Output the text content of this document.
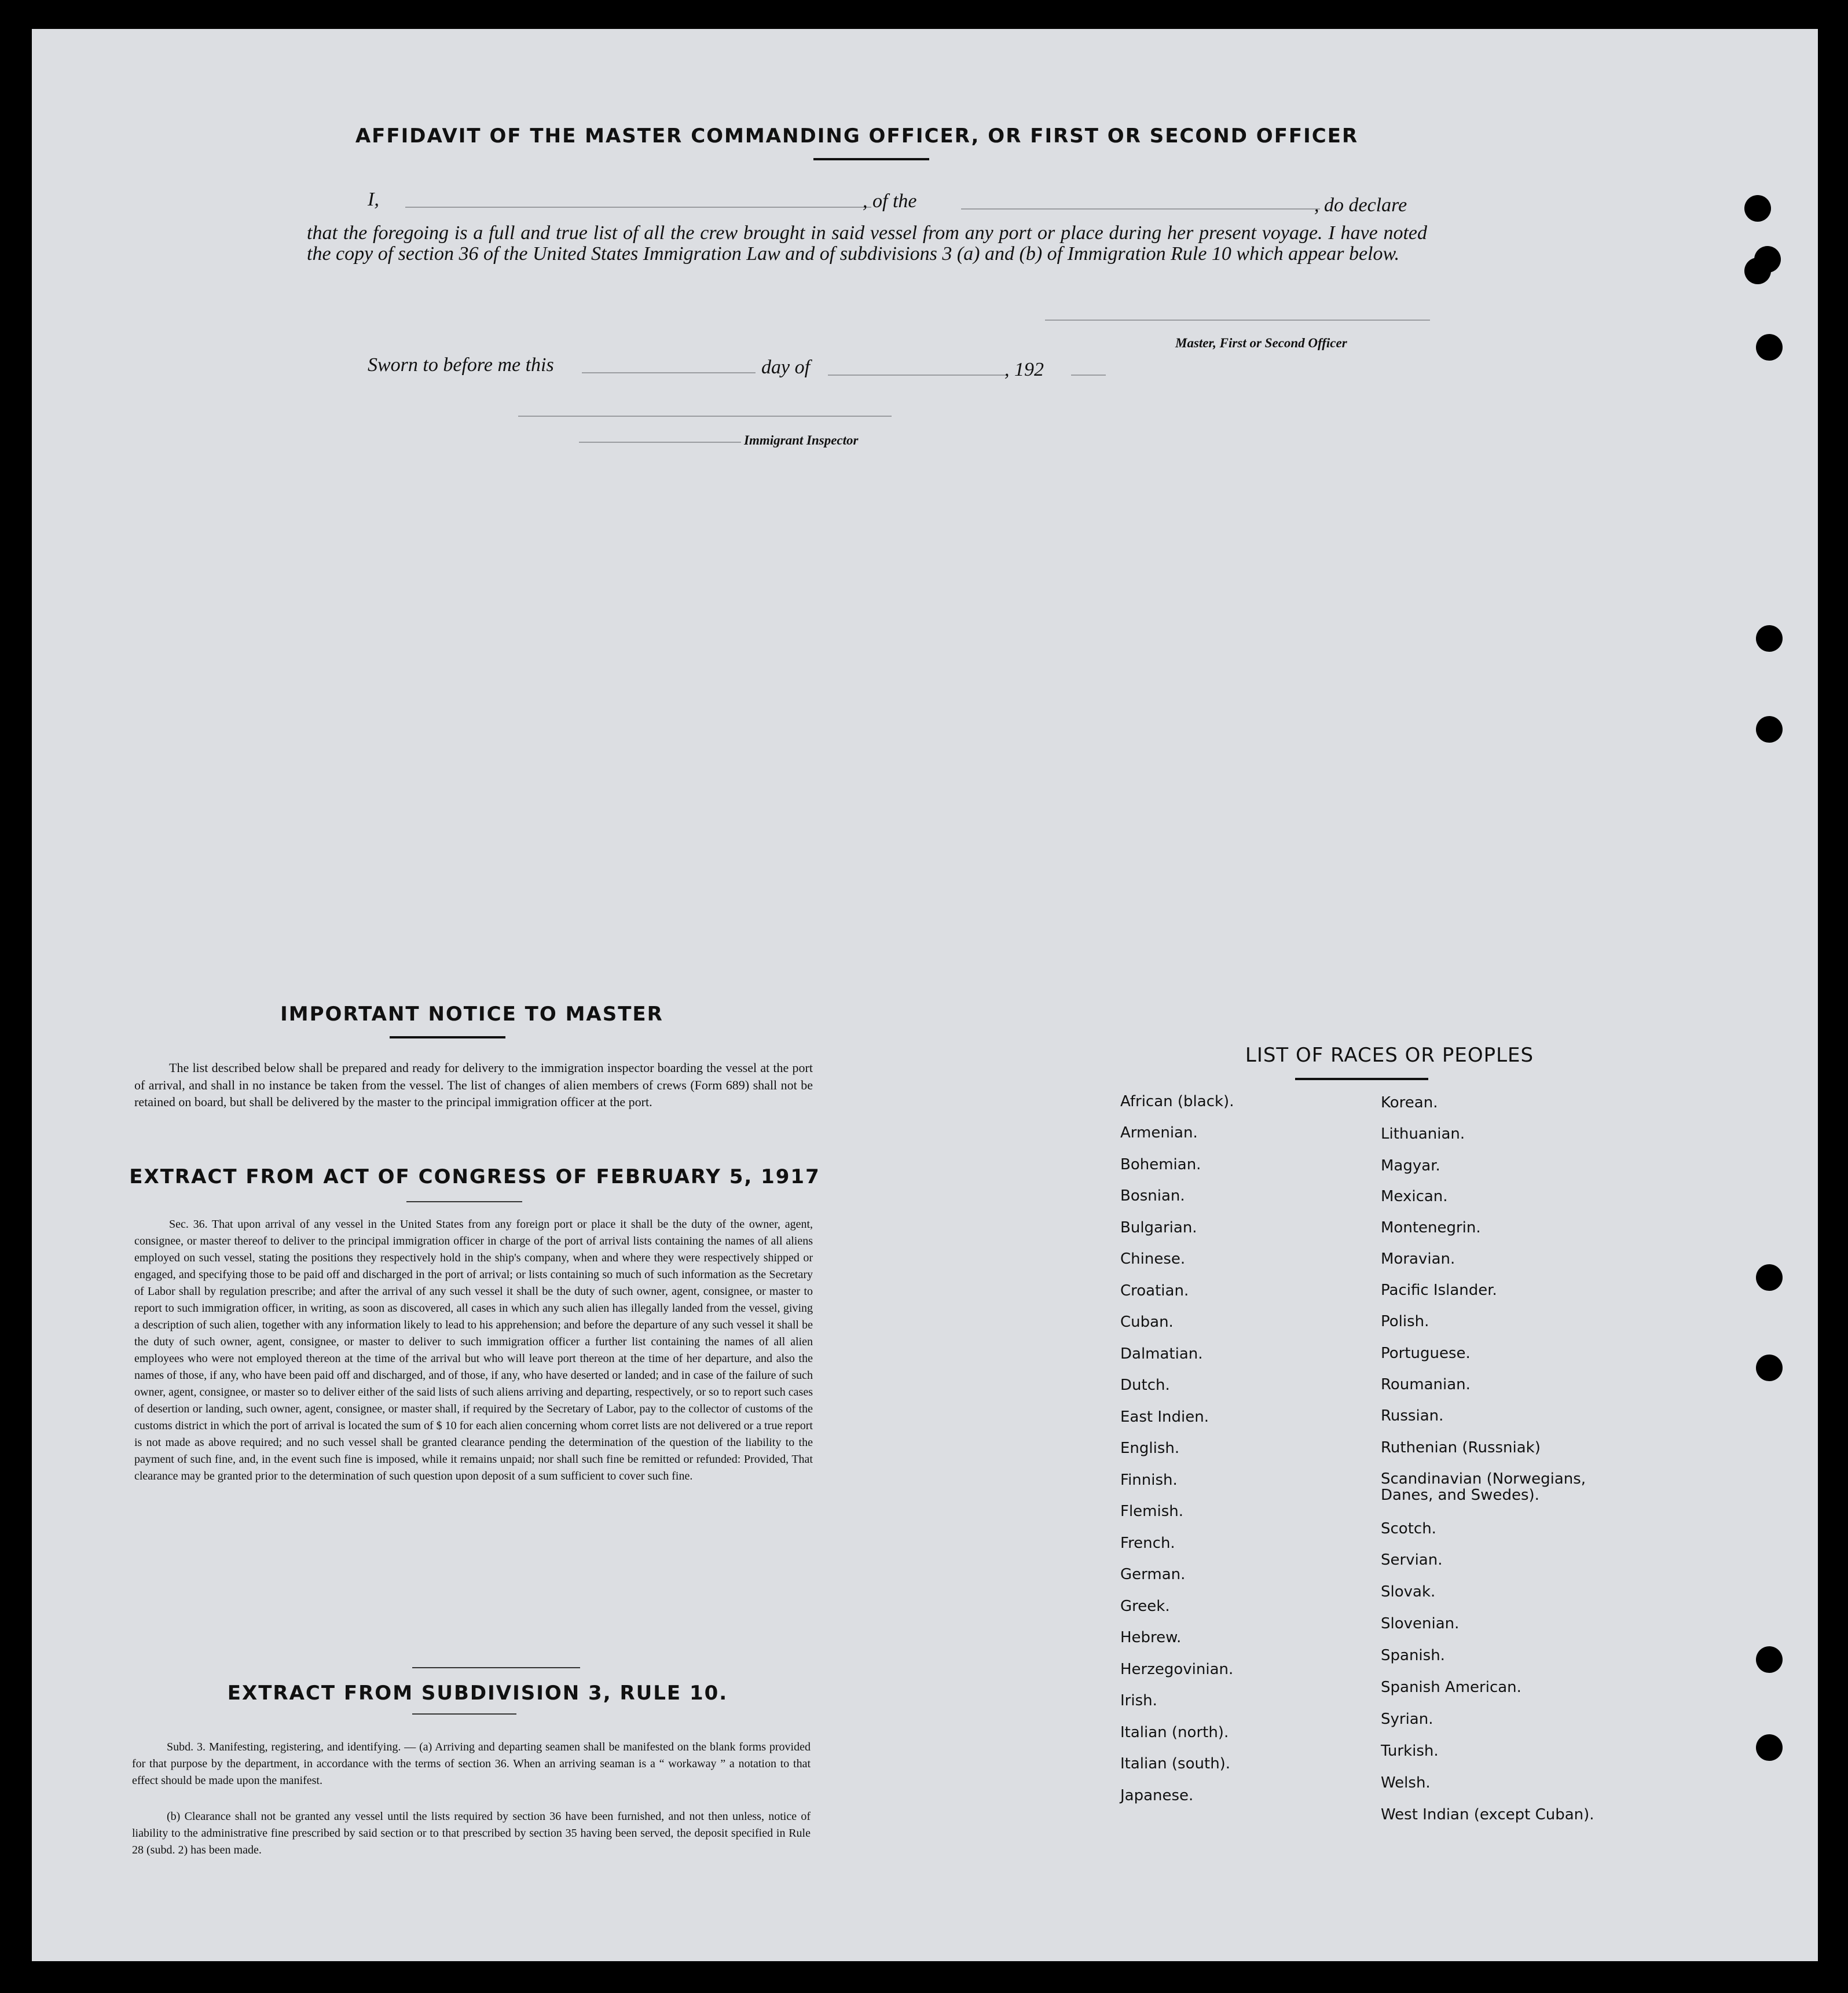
AFFIDAVIT OF THE MASTER COMMANDING OFFICER, OR FIRST OR SECOND OFFICER
I,	, of the	, do declare
that the foregoing is a full and true list of all the crew brought in said vessel from any port or place during her present voyage. I have noted the copy of section 36 of the United States Immigration Law and of subdivisions 3 (a) and (b) of Immigration Rule 10 which appear below.
Master, First or Second Officer
Sworn to before me this	day of	, 192
Immigrant Inspector
IMPORTANT NOTICE TO MASTER
The list described below shall be prepared and ready for delivery to the immigration inspector boarding the vessel at the port of arrival, and shall in no instance be taken from the vessel. The list of changes of alien members of crews (Form 689) shall not be retained on board, but shall be delivered by the master to the principal immigration officer at the port.
EXTRACT FROM ACT OF CONGRESS OF FEBRUARY 5, 1917
Sec. 36. That upon arrival of any vessel in the United States from any foreign port or place it shall be the duty of the owner, agent, consignee, or master thereof to deliver to the principal immigration officer in charge of the port of arrival lists containing the names of all aliens employed on such vessel, stating the positions they respectively hold in the ship's company, when and where they were respectively shipped or engaged, and specifying those to be paid off and discharged in the port of arrival; or lists containing so much of such information as the Secretary of Labor shall by regulation prescribe; and after the arrival of any such vessel it shall be the duty of such owner, agent, consignee, or master to report to such immigration officer, in writing, as soon as discovered, all cases in which any such alien has illegally landed from the vessel, giving a description of such alien, together with any information likely to lead to his apprehension; and before the departure of any such vessel it shall be the duty of such owner, agent, consignee, or master to deliver to such immigration officer a further list containing the names of all alien employees who were not employed thereon at the time of the arrival but who will leave port thereon at the time of her departure, and also the names of those, if any, who have been paid off and discharged, and of those, if any, who have deserted or landed; and in case of the failure of such owner, agent, consignee, or master so to deliver either of the said lists of such aliens arriving and departing, respectively, or so to report such cases of desertion or landing, such owner, agent, consignee, or master shall, if required by the Secretary of Labor, pay to the collector of customs of the customs district in which the port of arrival is located the sum of $ 10 for each alien concerning whom corret lists are not delivered or a true report is not made as above required; and no such vessel shall be granted clearance pending the determination of the question of the liability to the payment of such fine, and, in the event such fine is imposed, while it remains unpaid; nor shall such fine be remitted or refunded: Provided, That clearance may be granted prior to the determination of such question upon deposit of a sum sufficient to cover such fine.
EXTRACT FROM SUBDIVISION 3, RULE 10.
Subd. 3. Manifesting, registering, and identifying. — (a) Arriving and departing seamen shall be manifested on the blank forms provided for that purpose by the department, in accordance with the terms of section 36. When an arriving seaman is a “ workaway ” a notation to that effect should be made upon the manifest.
(b) Clearance shall not be granted any vessel until the lists required by section 36 have been furnished, and not then unless, notice of liability to the administrative fine prescribed by said section or to that prescribed by section 35 having been served, the deposit specified in Rule 28 (subd. 2) has been made.
LIST OF RACES OR PEOPLES
African (black).
Armenian.
Bohemian.
Bosnian.
Bulgarian.
Chinese.
Croatian.
Cuban.
Dalmatian.
Dutch.
East Indien.
English.
Finnish.
Flemish.
French.
German.
Greek.
Hebrew.
Herzegovinian.
Irish.
Italian (north).
Italian (south).
Japanese.
Korean.
Lithuanian.
Magyar.
Mexican.
Montenegrin.
Moravian.
Pacific Islander.
Polish.
Portuguese.
Roumanian.
Russian.
Ruthenian (Russniak)
Scandinavian (Norwegians, Danes, and Swedes).
Scotch.
Servian.
Slovak.
Slovenian.
Spanish.
Spanish American.
Syrian.
Turkish.
Welsh.
West Indian (except Cuban).
